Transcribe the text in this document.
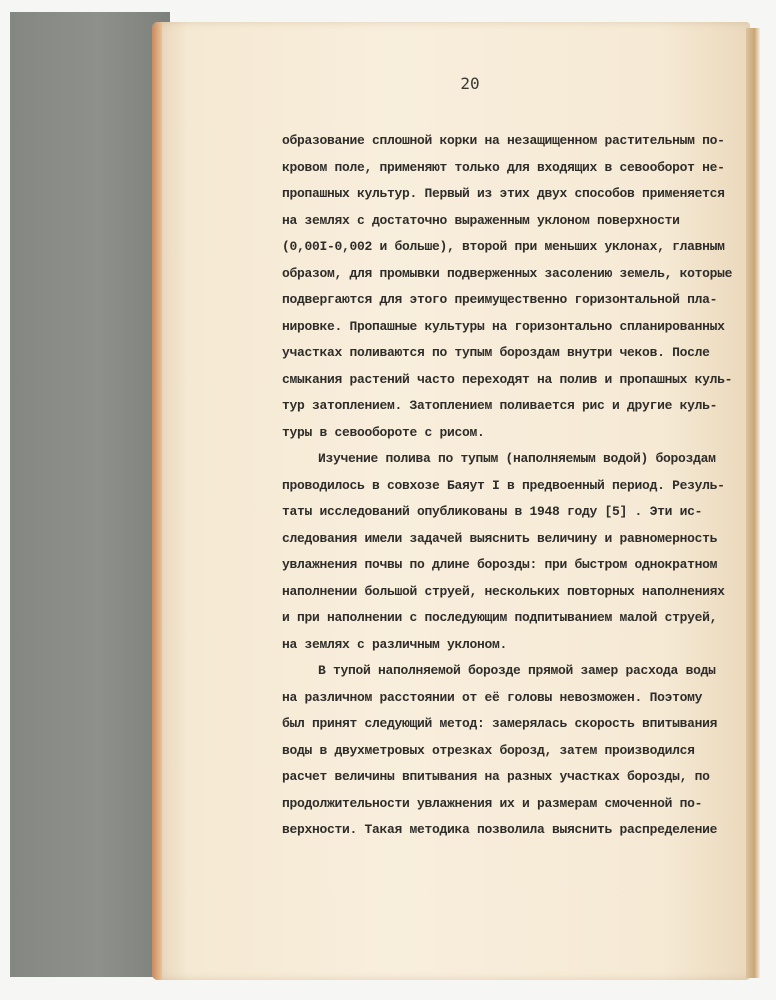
20
образование сплошной корки на незащищенном растительным по-
кровом поле, применяют только для входящих в севооборот не-
пропашных культур. Первый из этих двух способов применяется
на землях с достаточно выраженным уклоном поверхности
(0,00I-0,002 и больше), второй при меньших уклонах, главным
образом, для промывки подверженных засолению земель, которые
подвергаются для этого преимущественно горизонтальной пла-
нировке. Пропашные культуры на горизонтально спланированных
участках поливаются по тупым бороздам внутри чеков. После
смыкания растений часто переходят на полив и пропашных куль-
тур затоплением. Затоплением поливается рис и другие куль-
туры в севообороте с рисом.
Изучение полива по тупым (наполняемым водой) бороздам
проводилось в совхозе Баяут I в предвоенный период. Резуль-
таты исследований опубликованы в 1948 году [5] . Эти ис-
следования имели задачей выяснить величину и равномерность
увлажнения почвы по длине борозды: при быстром однократном
наполнении большой струей, нескольких повторных наполнениях
и при наполнении с последующим подпитыванием малой струей,
на землях с различным уклоном.
В тупой наполняемой борозде прямой замер расхода воды
на различном расстоянии от её головы невозможен. Поэтому
был принят следующий метод: замерялась скорость впитывания
воды в двухметровых отрезках борозд, затем производился
расчет величины впитывания на разных участках борозды, по
продолжительности увлажнения их и размерам смоченной по-
верхности. Такая методика позволила выяснить распределение
